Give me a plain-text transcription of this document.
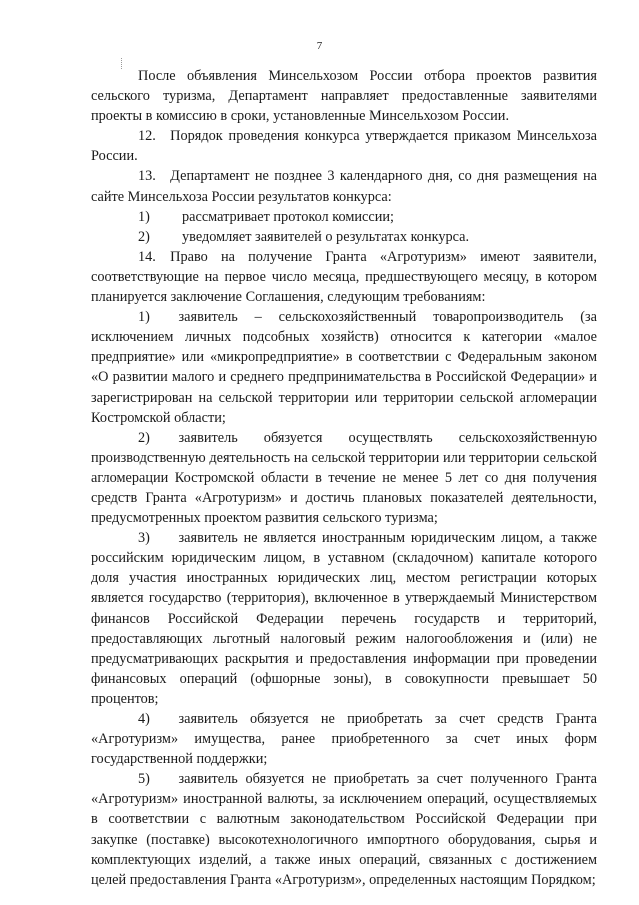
7

После объявления Минсельхозом России отбора проектов развития сельского туризма, Департамент направляет предоставленные заявителями проекты в комиссию в сроки, установленные Минсельхозом России.

12. Порядок проведения конкурса утверждается приказом Минсельхоза России.

13. Департамент не позднее 3 календарного дня, со дня размещения на сайте Минсельхоза России результатов конкурса:

1)	рассматривает протокол комиссии;
2)	уведомляет заявителей о результатах конкурса.

14. Право на получение Гранта «Агротуризм» имеют заявители, соответствующие на первое число месяца, предшествующего месяцу, в котором планируется заключение Соглашения, следующим требованиям:

1)  заявитель – сельскохозяйственный товаропроизводитель (за исключением личных подсобных хозяйств) относится к категории «малое предприятие» или «микропредприятие» в соответствии с Федеральным законом «О развитии малого и среднего предпринимательства в Российской Федерации» и зарегистрирован на сельской территории или территории сельской агломерации Костромской области;

2)  заявитель обязуется осуществлять сельскохозяйственную производственную деятельность на сельской территории или территории сельской агломерации Костромской области в течение не менее 5 лет со дня получения средств Гранта «Агротуризм» и достичь плановых показателей деятельности, предусмотренных проектом развития сельского туризма;

3)  заявитель не является иностранным юридическим лицом, а также российским юридическим лицом, в уставном (складочном) капитале которого доля участия иностранных юридических лиц, местом регистрации которых является государство (территория), включенное в утверждаемый Министерством финансов Российской Федерации перечень государств и территорий, предоставляющих льготный налоговый режим налогообложения и (или) не предусматривающих раскрытия и предоставления информации при проведении финансовых операций (офшорные зоны), в совокупности превышает 50 процентов;

4)  заявитель обязуется не приобретать за счет средств Гранта «Агротуризм» имущества, ранее приобретенного за счет иных форм государственной поддержки;

5)  заявитель обязуется не приобретать за счет полученного Гранта «Агротуризм» иностранной валюты, за исключением операций, осуществляемых в соответствии с валютным законодательством Российской Федерации при закупке (поставке) высокотехнологичного импортного оборудования, сырья и комплектующих изделий, а также иных операций, связанных с достижением целей предоставления Гранта «Агротуризм», определенных настоящим Порядком;
